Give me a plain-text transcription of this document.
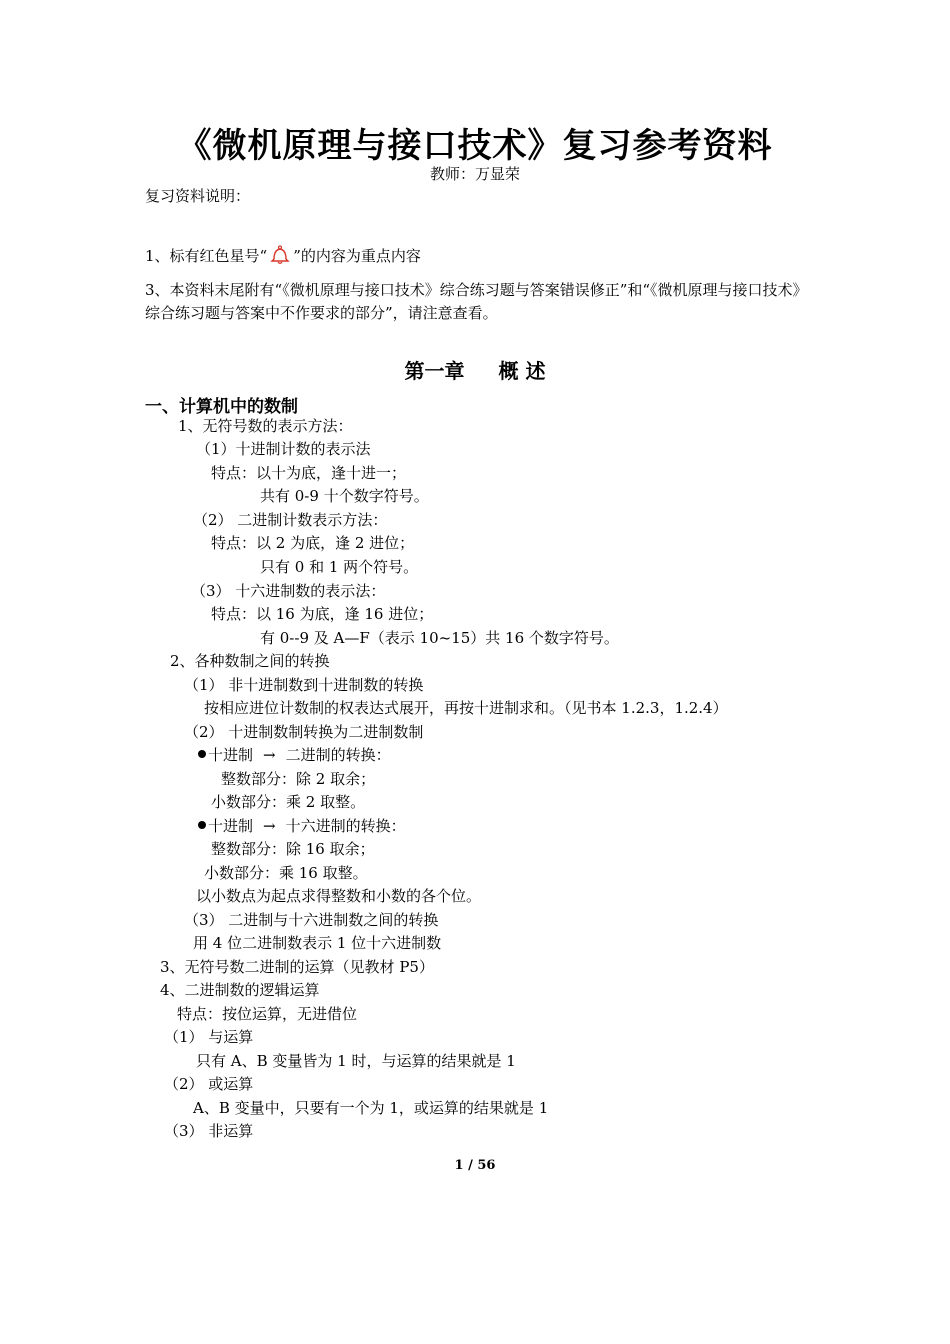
《微机原理与接口技术》复习参考资料
教师：万显荣
复习资料说明：
1、标有红色星号“ ”的内容为重点内容
3、本资料末尾附有“《微机原理与接口技术》综合练习题与答案错误修正”和“《微机原理与接口技术》综合练习题与答案中不作要求的部分”，请注意查看。
第一章 概 述
一、计算机中的数制
1、无符号数的表示方法：
（1）十进制计数的表示法
特点：以十为底，逢十进一；
共有 0-9 十个数字符号。
（2） 二进制计数表示方法：
特点：以 2 为底，逢 2 进位；
只有 0 和 1 两个符号。
（3） 十六进制数的表示法：
特点：以 16 为底，逢 16 进位；
有 0--9 及 A—F（表示 10~15）共 16 个数字符号。
2、各种数制之间的转换
（1） 非十进制数到十进制数的转换
按相应进位计数制的权表达式展开，再按十进制求和。（见书本 1.2.3，1.2.4）
（2） 十进制数制转换为二进制数制
十进制 → 二进制的转换：
整数部分：除 2 取余；
小数部分：乘 2 取整。
十进制 → 十六进制的转换：
整数部分：除 16 取余；
小数部分：乘 16 取整。
以小数点为起点求得整数和小数的各个位。
（3） 二进制与十六进制数之间的转换
用 4 位二进制数表示 1 位十六进制数
3、无符号数二进制的运算（见教材 P5）
4、二进制数的逻辑运算
特点：按位运算，无进借位
（1） 与运算
只有 A、B 变量皆为 1 时，与运算的结果就是 1
（2） 或运算
A、B 变量中，只要有一个为 1，或运算的结果就是 1
（3） 非运算
1 / 56
